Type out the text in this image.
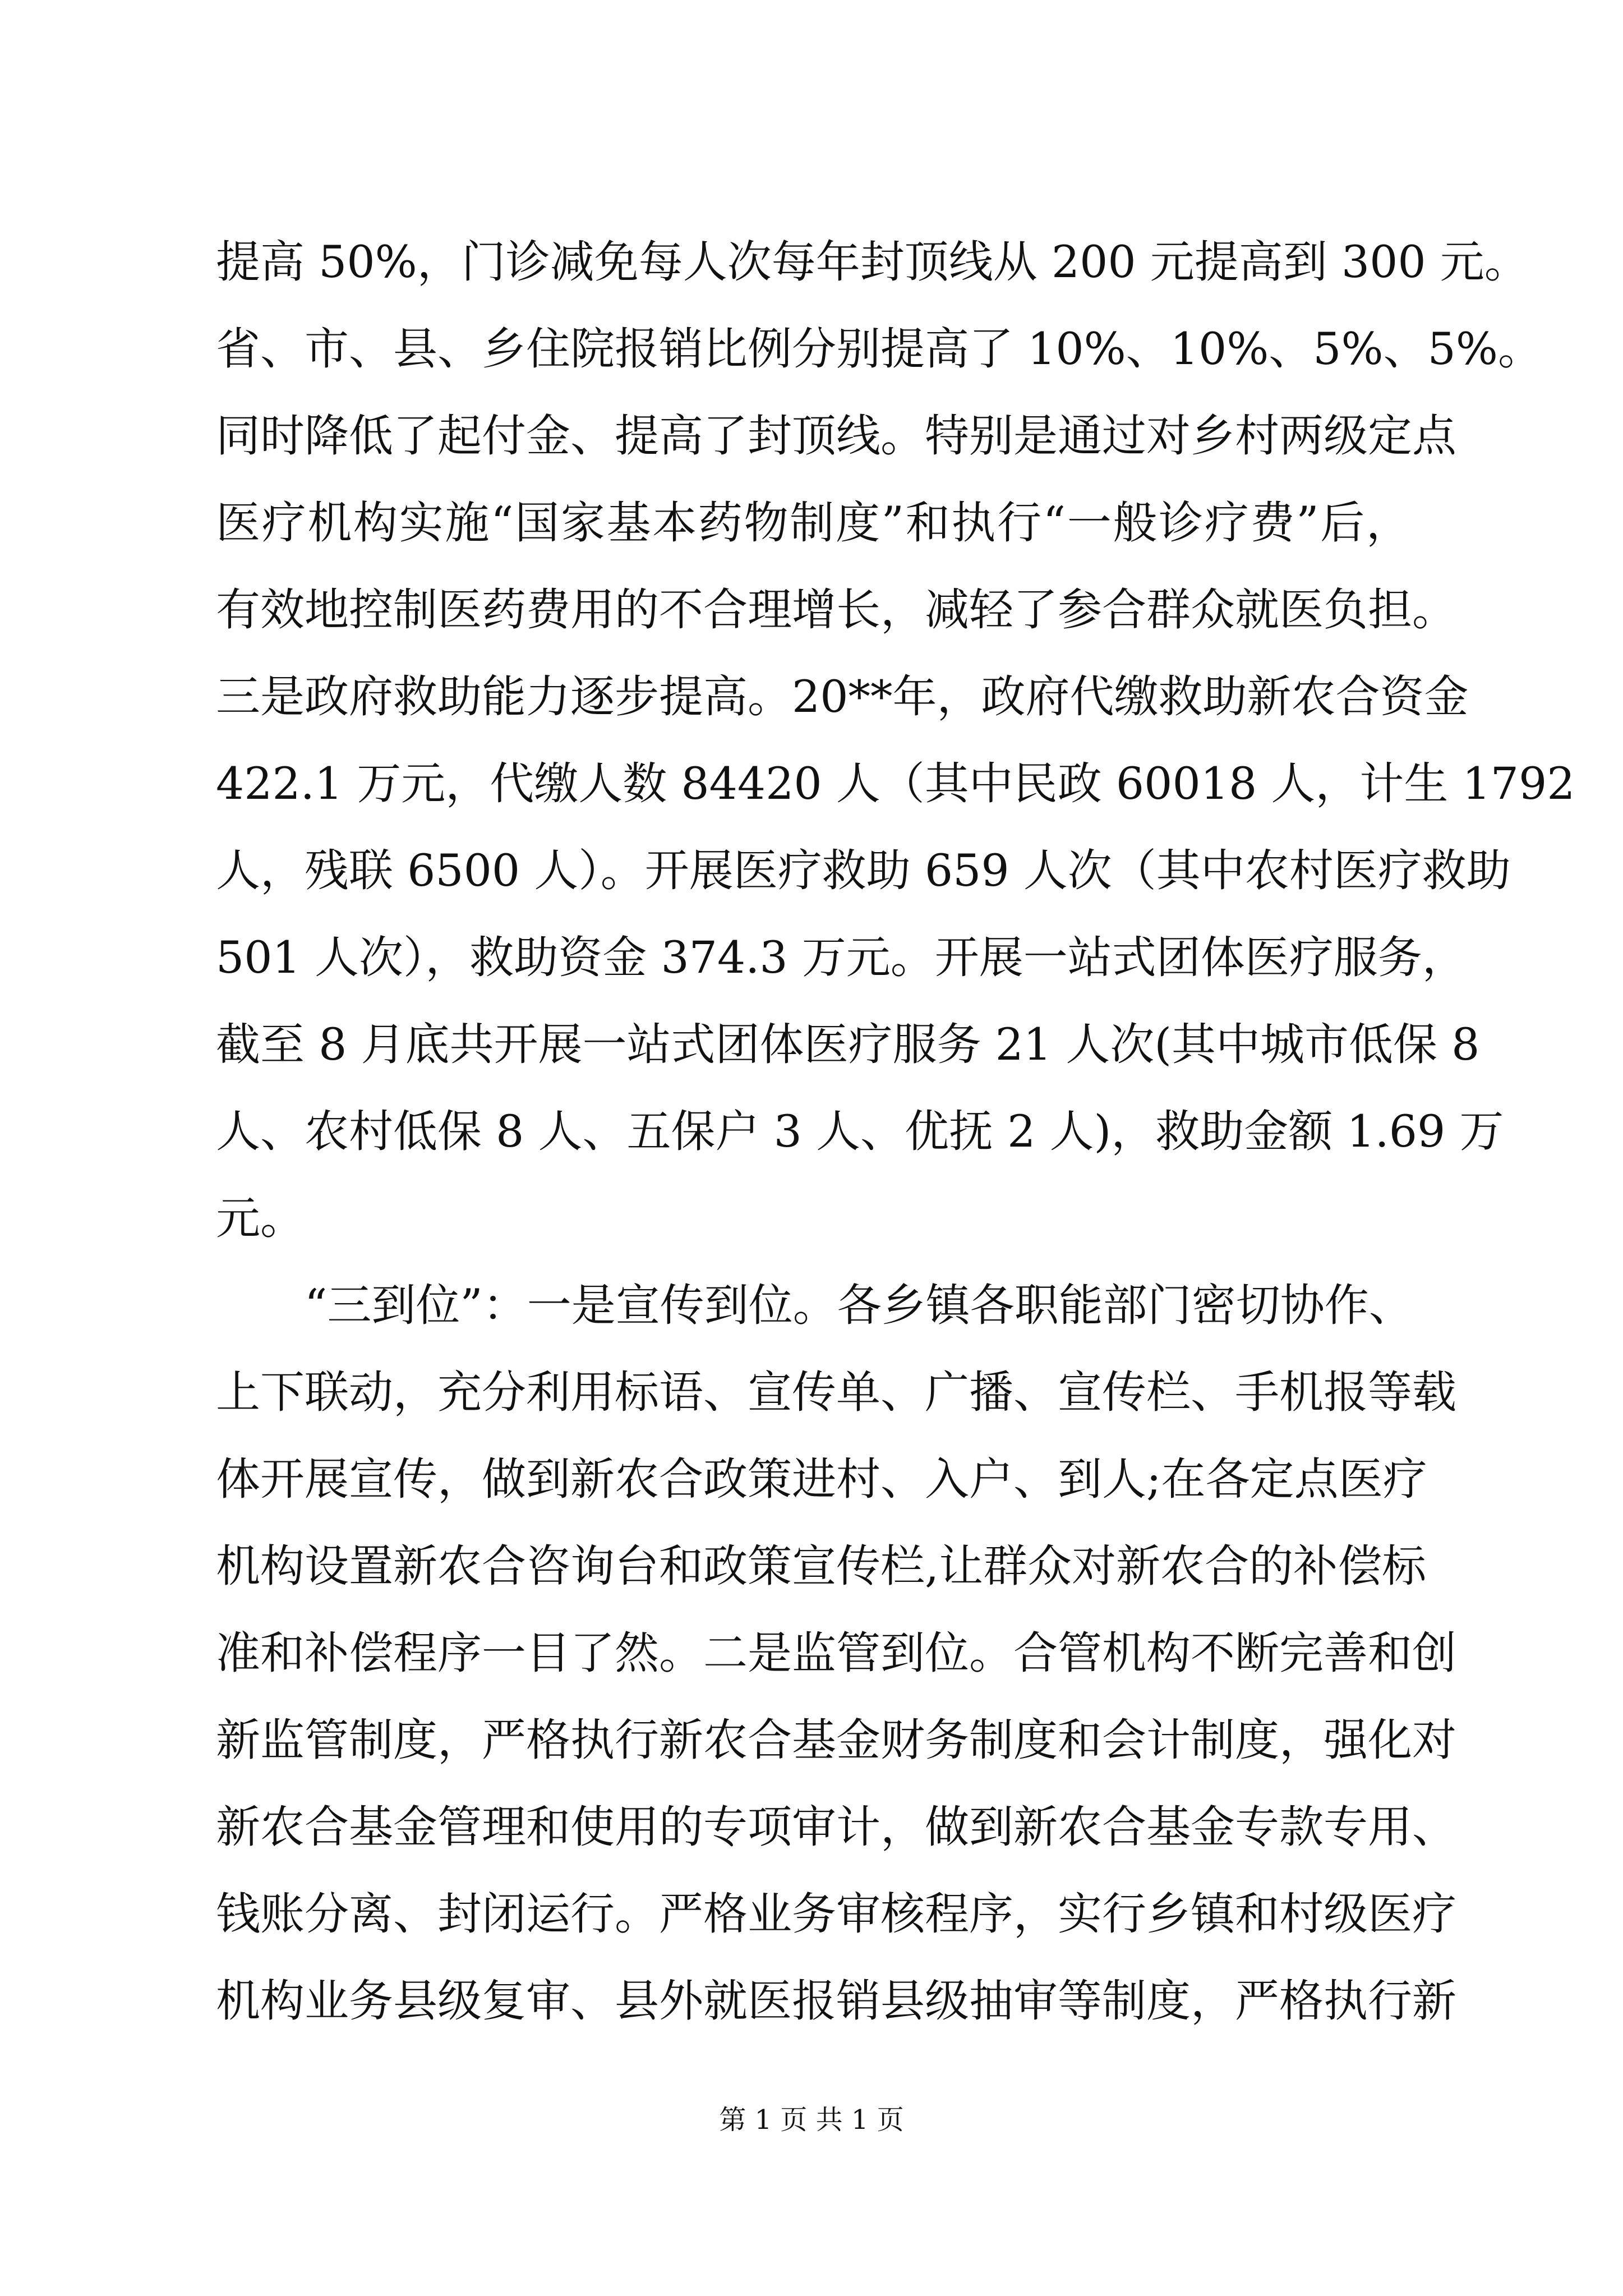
提高 50%，门诊减免每人次每年封顶线从 200 元提高到 300 元。
省、市、县、乡住院报销比例分别提高了 10%、10%、5%、5%。
同时降低了起付金、提高了封顶线。特别是通过对乡村两级定点
医疗机构实施“国家基本药物制度”和执行“一般诊疗费”后，
有效地控制医药费用的不合理增长，减轻了参合群众就医负担。
三是政府救助能力逐步提高。20**年，政府代缴救助新农合资金
422.1 万元，代缴人数 84420 人（其中民政 60018 人，计生 1792
人，残联 6500 人）。开展医疗救助 659 人次（其中农村医疗救助
501 人次），救助资金 374.3 万元。开展一站式团体医疗服务，
截至 8 月底共开展一站式团体医疗服务 21 人次(其中城市低保 8
人、农村低保 8 人、五保户 3 人、优抚 2 人)，救助金额 1.69 万
元。
　　“三到位”：一是宣传到位。各乡镇各职能部门密切协作、
上下联动，充分利用标语、宣传单、广播、宣传栏、手机报等载
体开展宣传，做到新农合政策进村、入户、到人;在各定点医疗
机构设置新农合咨询台和政策宣传栏,让群众对新农合的补偿标
准和补偿程序一目了然。二是监管到位。合管机构不断完善和创
新监管制度，严格执行新农合基金财务制度和会计制度，强化对
新农合基金管理和使用的专项审计，做到新农合基金专款专用、
钱账分离、封闭运行。严格业务审核程序，实行乡镇和村级医疗
机构业务县级复审、县外就医报销县级抽审等制度，严格执行新
第 1 页 共 1 页
